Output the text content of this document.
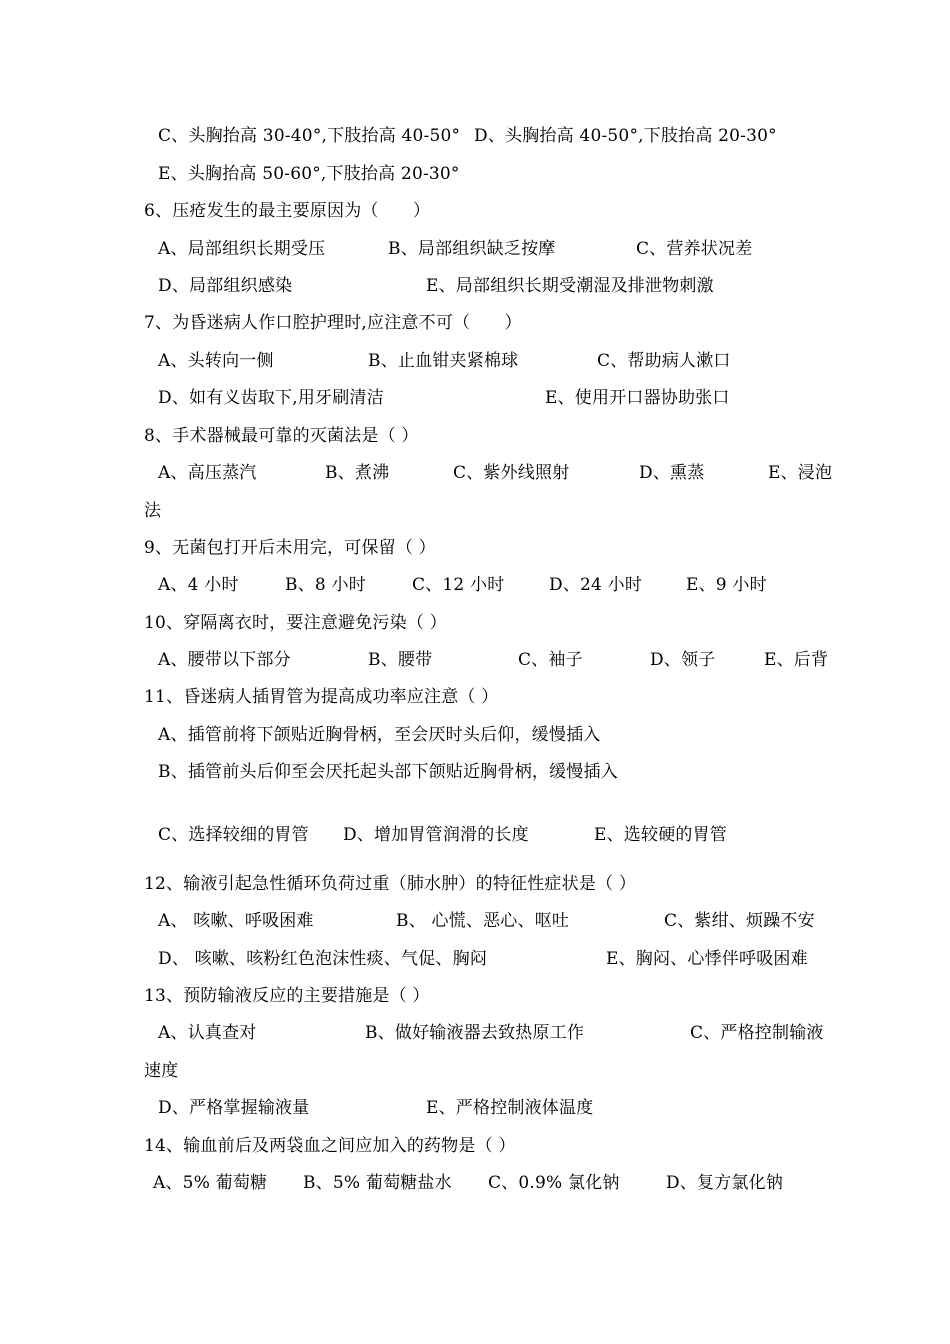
C、头胸抬高 30-40°,下肢抬高 40-50° D、头胸抬高 40-50°,下肢抬高 20-30°
E、头胸抬高 50-60°,下肢抬高 20-30°
6、压疮发生的最主要原因为（　　）
A、局部组织长期受压	B、局部组织缺乏按摩	C、营养状况差
D、局部组织感染	E、局部组织长期受潮湿及排泄物刺激
7、为昏迷病人作口腔护理时,应注意不可（　　）
A、头转向一侧	B、止血钳夹紧棉球	C、帮助病人漱口
D、如有义齿取下,用牙刷清洁	E、使用开口器协助张口
8、手术器械最可靠的灭菌法是（ ）
A、高压蒸汽	B、煮沸	C、紫外线照射	D、熏蒸	E、浸泡
法
9、无菌包打开后未用完，可保留（ ）
A、4 小时	B、8 小时	C、12 小时	D、24 小时	E、9 小时
10、穿隔离衣时，要注意避免污染（ ）
A、腰带以下部分	B、腰带	C、袖子	D、领子	E、后背
11、昏迷病人插胃管为提高成功率应注意（ ）
A、插管前将下颌贴近胸骨柄，至会厌时头后仰，缓慢插入
B、插管前头后仰至会厌托起头部下颌贴近胸骨柄，缓慢插入
C、选择较细的胃管 D、增加胃管润滑的长度	E、选较硬的胃管
12、输液引起急性循环负荷过重（肺水肿）的特征性症状是（ ）
A、 咳嗽、呼吸困难	B、 心慌、恶心、呕吐	C、紫绀、烦躁不安
D、 咳嗽、咳粉红色泡沫性痰、气促、胸闷	E、胸闷、心悸伴呼吸困难
13、预防输液反应的主要措施是（ ）
A、认真查对	B、做好输液器去致热原工作	C、严格控制输液
速度
D、严格掌握输液量	E、严格控制液体温度
14、输血前后及两袋血之间应加入的药物是（ ）
A、5% 葡萄糖 B、5% 葡萄糖盐水 C、0.9% 氯化钠	D、复方氯化钠
